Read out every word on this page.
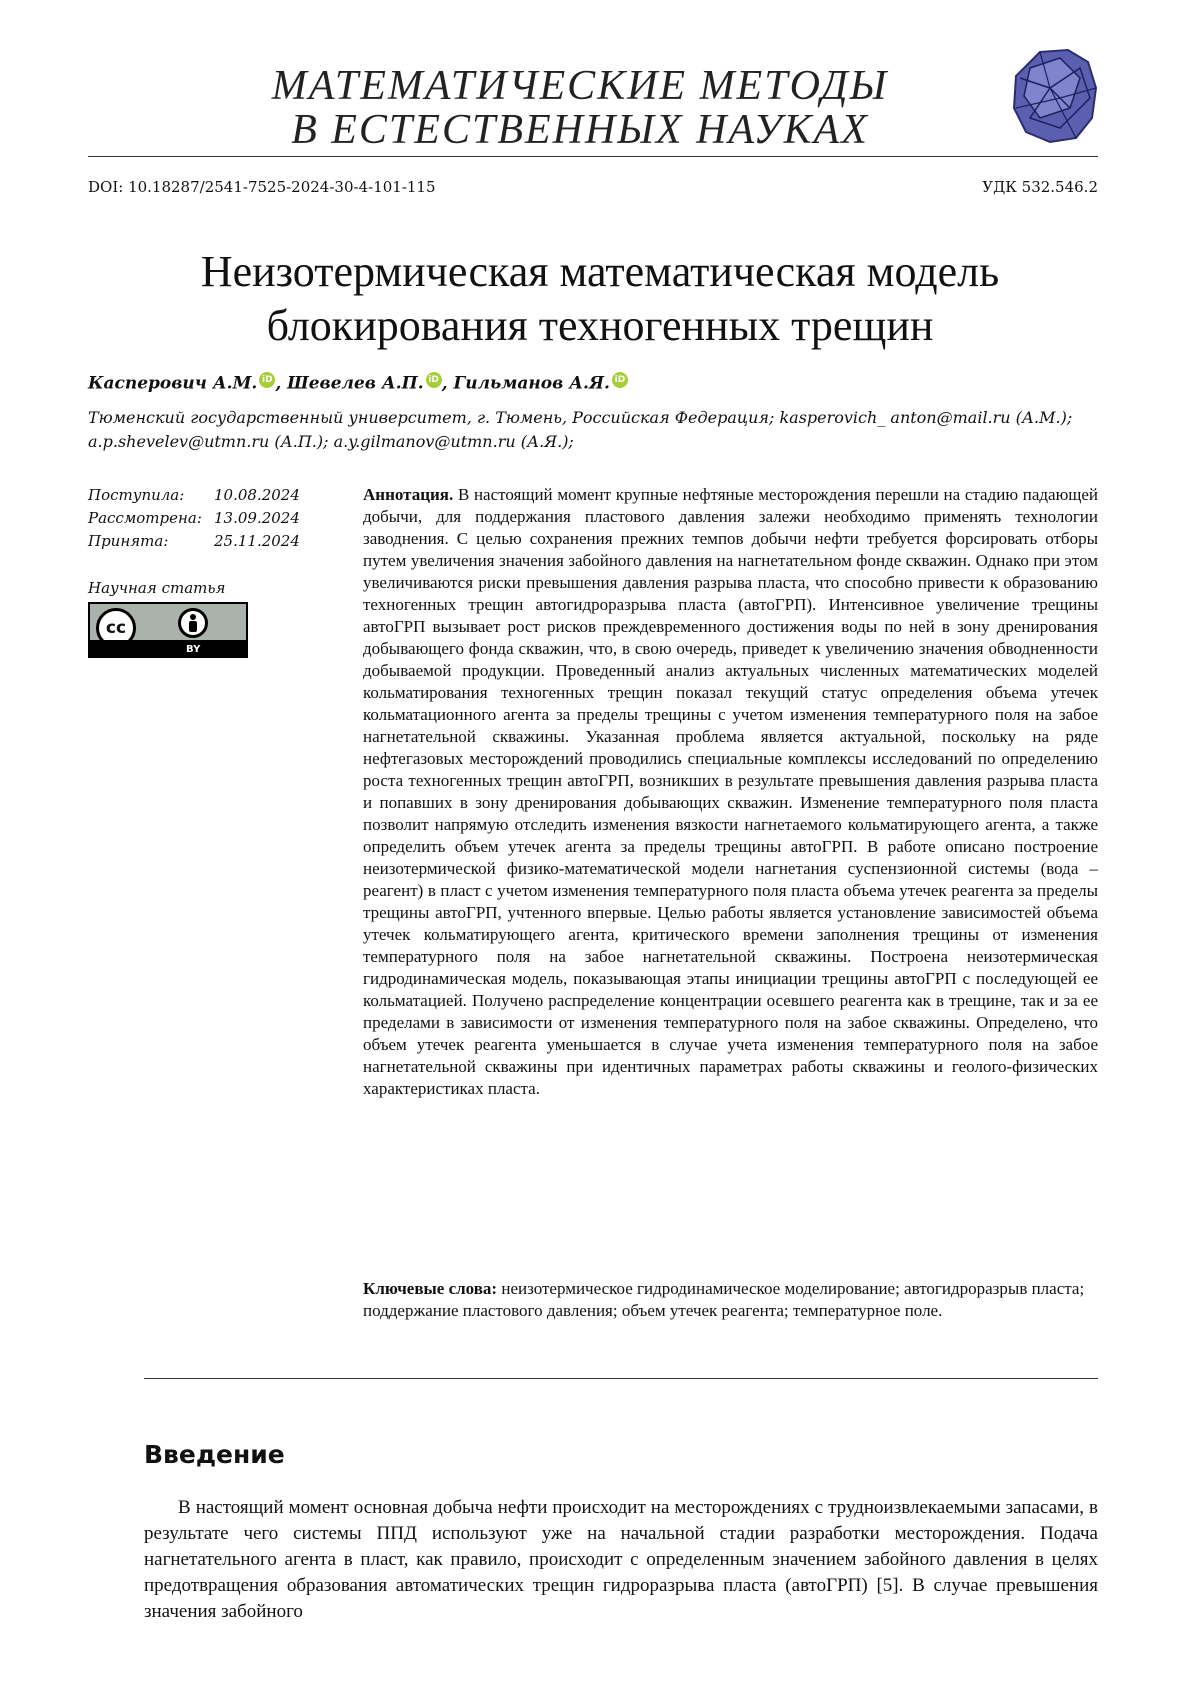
МАТЕМАТИЧЕСКИЕ МЕТОДЫ
В ЕСТЕСТВЕННЫХ НАУКАХ
DOI: 10.18287/2541-7525-2024-30-4-101-115	УДК 532.546.2
Неизотермическая математическая модель
блокирования техногенных трещин
Касперович А.М. iD , Шевелев А.П. iD , Гильманов А.Я. iD
Тюменский государственный университет, г. Тюмень, Российская Федерация; kasperovich_ anton@mail.ru (А.М.); a.p.shevelev@utmn.ru (А.П.); a.y.gilmanov@utmn.ru (А.Я.);
Поступила: 10.08.2024
Рассмотрена: 13.09.2024
Принята:	25.11.2024
Научная статья
cc
BY
Аннотация. В настоящий момент крупные нефтяные месторождения перешли на стадию падающей добычи, для поддержания пластового давления залежи необходимо применять технологии заводнения. С целью сохранения прежних темпов добычи нефти требуется форсировать отборы путем увеличения значения забойного давления на нагнетательном фонде скважин. Однако при этом увеличиваются риски превышения давления разрыва пласта, что способно привести к образованию техногенных трещин автогидроразрыва пласта (автоГРП). Интенсивное увеличение трещины автоГРП вызывает рост рисков преждевременного достижения воды по ней в зону дренирования добывающего фонда скважин, что, в свою очередь, приведет к увеличению значения обводненности добываемой продукции. Проведенный анализ актуальных численных математических моделей кольматирования техногенных трещин показал текущий статус определения объема утечек кольматационного агента за пределы трещины с учетом изменения температурного поля на забое нагнетательной скважины. Указанная проблема является актуальной, поскольку на ряде нефтегазовых месторождений проводились специальные комплексы исследований по определению роста техногенных трещин автоГРП, возникших в результате превышения давления разрыва пласта и попавших в зону дренирования добывающих скважин. Изменение температурного поля пласта позволит напрямую отследить изменения вязкости нагнетаемого кольматирующего агента, а также определить объем утечек агента за пределы трещины автоГРП. В работе описано построение неизотермической физико-математической модели нагнетания суспензионной системы (вода – реагент) в пласт с учетом изменения температурного поля пласта объема утечек реагента за пределы трещины автоГРП, учтенного впервые. Целью работы является установление зависимостей объема утечек кольматирующего агента, критического времени заполнения трещины от изменения температурного поля на забое нагнетательной скважины. Построена неизотермическая гидродинамическая модель, показывающая этапы инициации трещины автоГРП с последующей ее кольматацией. Получено распределение концентрации осевшего реагента как в трещине, так и за ее пределами в зависимости от изменения температурного поля на забое скважины. Определено, что объем утечек реагента уменьшается в случае учета изменения температурного поля на забое нагнетательной скважины при идентичных параметрах работы скважины и геолого-физических характеристиках пласта.
Ключевые слова: неизотермическое гидродинамическое моделирование; автогидроразрыв пласта; поддержание пластового давления; объем утечек реагента; температурное поле.
Введение
В настоящий момент основная добыча нефти происходит на месторождениях с трудноизвлекаемыми запасами, в результате чего системы ППД используют уже на начальной стадии разработки месторождения. Подача нагнетательного агента в пласт, как правило, происходит с определенным значением забойного давления в целях предотвращения образования автоматических трещин гидроразрыва пласта (автоГРП) [5]. В случае превышения значения забойного
